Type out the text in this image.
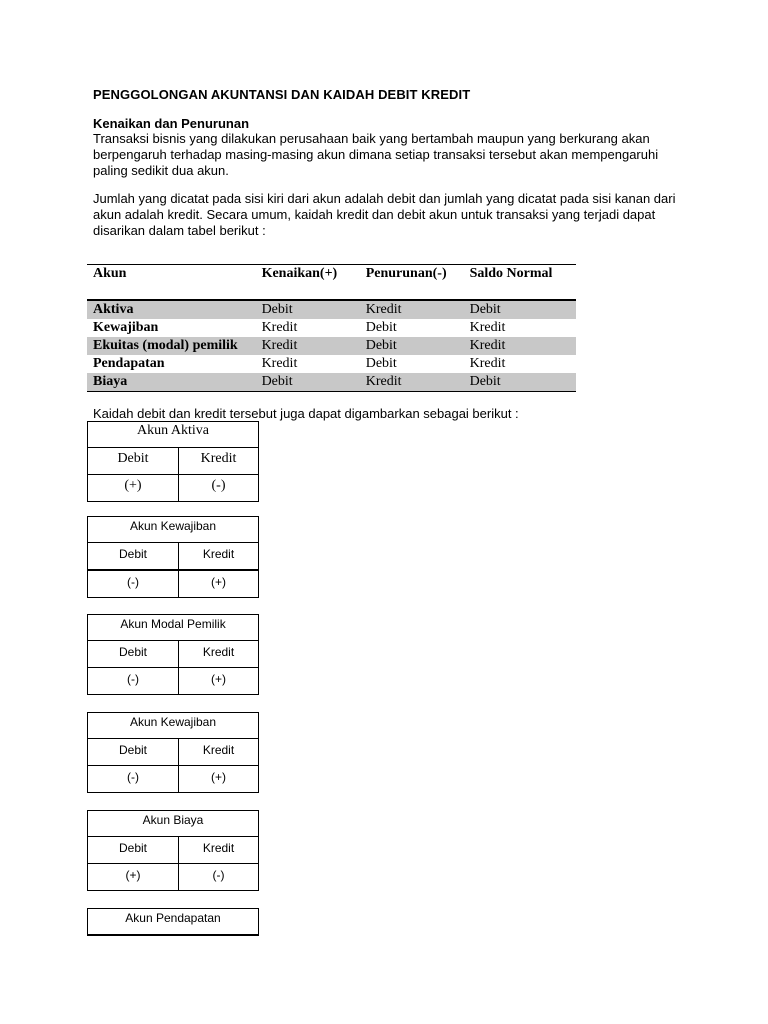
PENGGOLONGAN AKUNTANSI DAN KAIDAH DEBIT KREDIT
Kenaikan dan Penurunan
Transaksi bisnis yang dilakukan perusahaan baik yang bertambah maupun yang berkurang akan berpengaruh terhadap masing-masing akun dimana setiap transaksi tersebut akan mempengaruhi paling sedikit dua akun.
Jumlah yang dicatat pada sisi kiri dari akun adalah debit dan jumlah yang dicatat pada sisi kanan dari akun adalah kredit. Secara umum, kaidah kredit dan debit akun untuk transaksi yang terjadi dapat disarikan dalam tabel berikut :
Akun	Kenaikan(+)	Penurunan(-)	Saldo Normal
Aktiva	Debit	Kredit	Debit
Kewajiban	Kredit	Debit	Kredit
Ekuitas (modal) pemilik	Kredit	Debit	Kredit
Pendapatan	Kredit	Debit	Kredit
Biaya	Debit	Kredit	Debit
Kaidah debit dan kredit tersebut juga dapat digambarkan sebagai berikut :
Akun Aktiva
Debit	Kredit
(+)	(-)
Akun Kewajiban
Debit	Kredit
(-)	(+)
Akun Modal Pemilik
Debit	Kredit
(-)	(+)
Akun Kewajiban
Debit	Kredit
(-)	(+)
Akun Biaya
Debit	Kredit
(+)	(-)
Akun Pendapatan
